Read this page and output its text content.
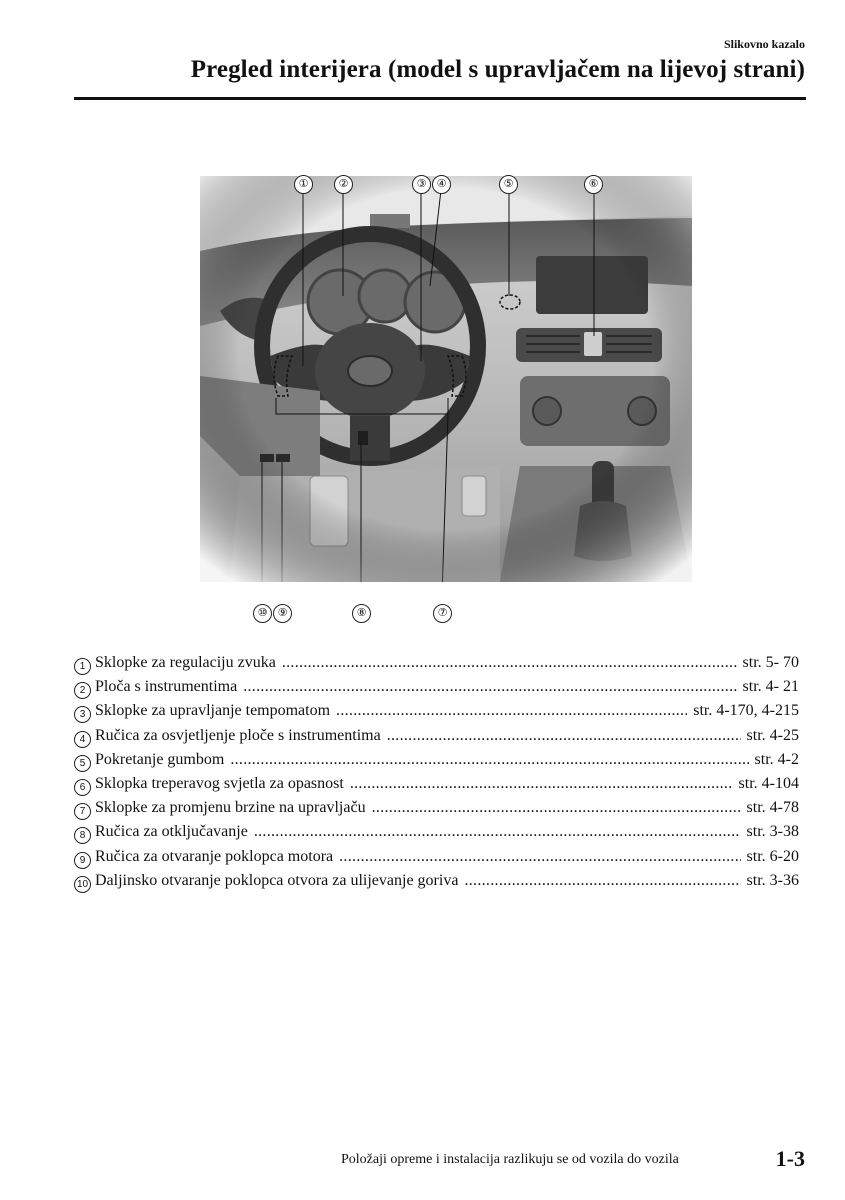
Slikovno kazalo
Pregled interijera (model s upravljačem na lijevoj strani)
①	②	③ ④	⑤	⑥
⑩ ⑨	⑧	⑦
1 Sklopke za regulaciju zvuka .....	str. 5- 70
2 Ploča s instrumentima .....	str. 4- 21
3 Sklopke za upravljanje tempomatom .....	str. 4-170, 4-215
4 Ručica za osvjetljenje ploče s instrumentima .....	str. 4-25
5 Pokretanje gumbom .....	str. 4-2
6 Sklopka treperavog svjetla za opasnost .....	str. 4-104
7 Sklopke za promjenu brzine na upravljaču .....	str. 4-78
8 Ručica za otključavanje .....	str. 3-38
9 Ručica za otvaranje poklopca motora .....	str. 6-20
10 Daljinsko otvaranje poklopca otvora za ulijevanje goriva .....	str. 3-36
Položaji opreme i instalacija razlikuju se od vozila do vozila	1-3
